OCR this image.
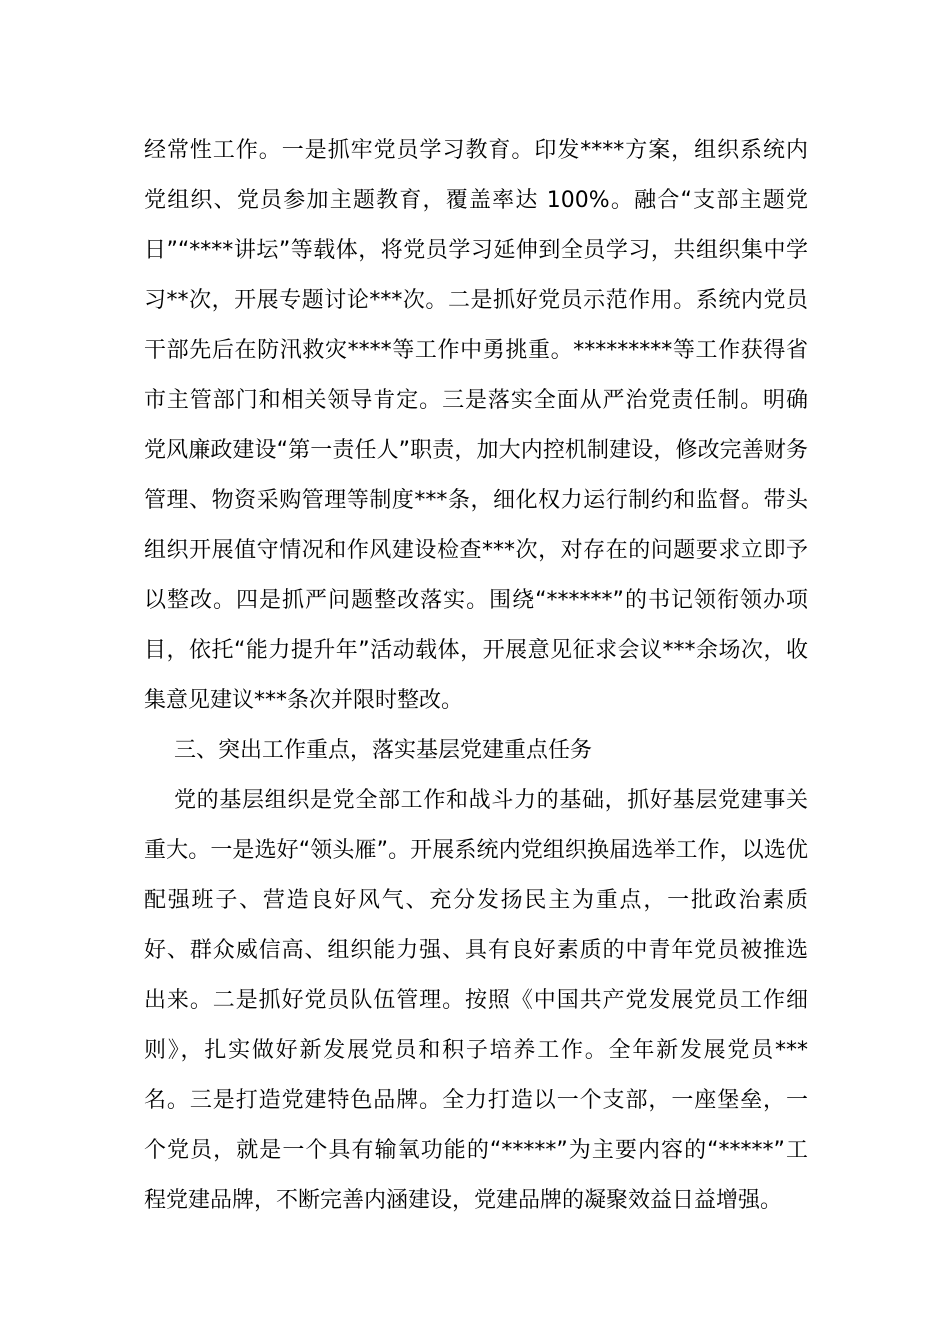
经常性工作。一是抓牢党员学习教育。印发****方案，组织系统内
党组织、党员参加主题教育，覆盖率达 100%。融合“支部主题党
日”“****讲坛”等载体，将党员学习延伸到全员学习，共组织集中学
习**次，开展专题讨论***次。二是抓好党员示范作用。系统内党员
干部先后在防汛救灾****等工作中勇挑重。*********等工作获得省
市主管部门和相关领导肯定。三是落实全面从严治党责任制。明确
党风廉政建设“第一责任人”职责，加大内控机制建设，修改完善财务
管理、物资采购管理等制度***条，细化权力运行制约和监督。带头
组织开展值守情况和作风建设检查***次，对存在的问题要求立即予
以整改。四是抓严问题整改落实。围绕“******”的书记领衔领办项
目，依托“能力提升年”活动载体，开展意见征求会议***余场次，收
集意见建议***条次并限时整改。
三、突出工作重点，落实基层党建重点任务
党的基层组织是党全部工作和战斗力的基础，抓好基层党建事关
重大。一是选好“领头雁”。开展系统内党组织换届选举工作，以选优
配强班子、营造良好风气、充分发扬民主为重点，一批政治素质
好、群众威信高、组织能力强、具有良好素质的中青年党员被推选
出来。二是抓好党员队伍管理。按照《中国共产党发展党员工作细
则》，扎实做好新发展党员和积子培养工作。全年新发展党员***
名。三是打造党建特色品牌。全力打造以一个支部，一座堡垒，一
个党员，就是一个具有输氧功能的“*****”为主要内容的“*****”工
程党建品牌，不断完善内涵建设，党建品牌的凝聚效益日益增强。
